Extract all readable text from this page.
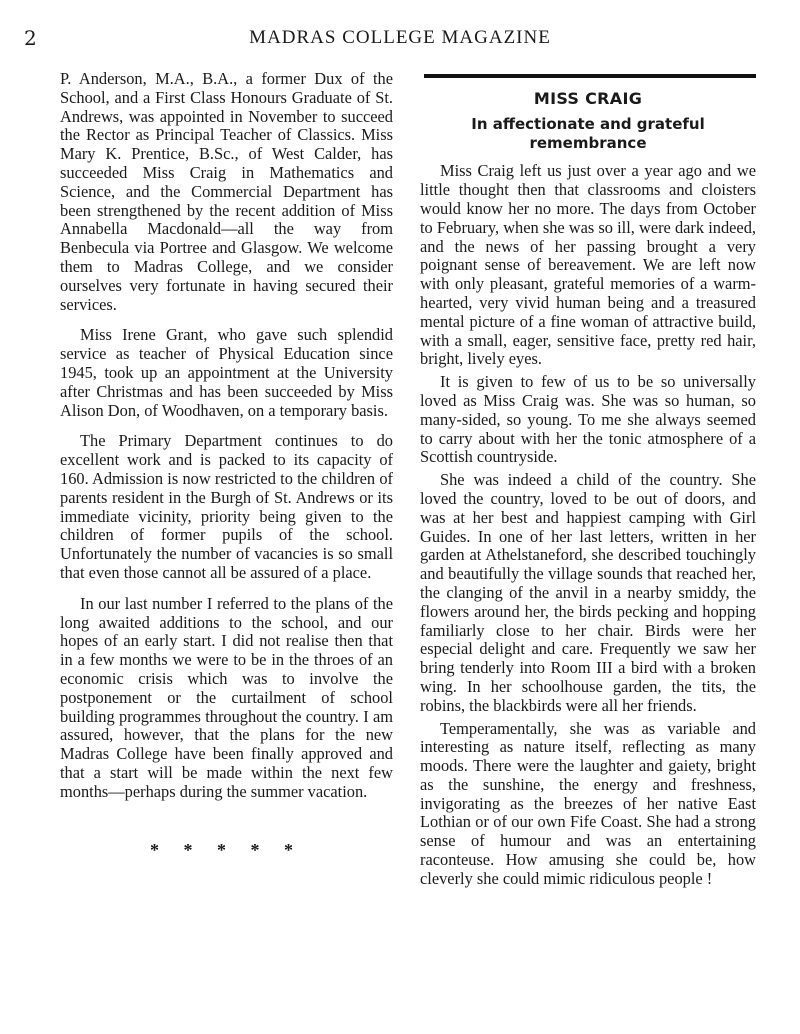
2	MADRAS COLLEGE MAGAZINE

P. Anderson, M.A., B.A., a former Dux of the School, and a First Class Honours Graduate of St. Andrews, was appointed in November to succeed the Rector as Principal Teacher of Classics. Miss Mary K. Prentice, B.Sc., of West Calder, has succeeded Miss Craig in Mathematics and Science, and the Commercial Department has been strengthened by the recent addition of Miss Annabella Macdonald—all the way from Benbecula via Portree and Glasgow. We welcome them to Madras College, and we consider ourselves very fortunate in having secured their services.

Miss Irene Grant, who gave such splendid service as teacher of Physical Education since 1945, took up an appointment at the University after Christmas and has been succeeded by Miss Alison Don, of Woodhaven, on a temporary basis.

The Primary Department continues to do excellent work and is packed to its capacity of 160. Admission is now restricted to the children of parents resident in the Burgh of St. Andrews or its immediate vicinity, priority being given to the children of former pupils of the school. Unfortunately the number of vacancies is so small that even those cannot all be assured of a place.

In our last number I referred to the plans of the long awaited additions to the school, and our hopes of an early start. I did not realise then that in a few months we were to be in the throes of an economic crisis which was to involve the postponement or the curtailment of school building programmes throughout the country. I am assured, however, that the plans for the new Madras College have been finally approved and that a start will be made within the next few months—perhaps during the summer vacation.

* * * * *
MISS CRAIG
In affectionate and grateful remembrance

Miss Craig left us just over a year ago and we little thought then that classrooms and cloisters would know her no more. The days from October to February, when she was so ill, were dark indeed, and the news of her passing brought a very poignant sense of bereavement. We are left now with only pleasant, grateful memories of a warm-hearted, very vivid human being and a treasured mental picture of a fine woman of attractive build, with a small, eager, sensitive face, pretty red hair, bright, lively eyes.

It is given to few of us to be so universally loved as Miss Craig was. She was so human, so many-sided, so young. To me she always seemed to carry about with her the tonic atmosphere of a Scottish countryside.

She was indeed a child of the country. She loved the country, loved to be out of doors, and was at her best and happiest camping with Girl Guides. In one of her last letters, written in her garden at Athelstaneford, she described touchingly and beautifully the village sounds that reached her, the clanging of the anvil in a nearby smiddy, the flowers around her, the birds pecking and hopping familiarly close to her chair. Birds were her especial delight and care. Frequently we saw her bring tenderly into Room III a bird with a broken wing. In her schoolhouse garden, the tits, the robins, the blackbirds were all her friends.

Temperamentally, she was as variable and interesting as nature itself, reflecting as many moods. There were the laughter and gaiety, bright as the sunshine, the energy and freshness, invigorating as the breezes of her native East Lothian or of our own Fife Coast. She had a strong sense of humour and was an entertaining raconteuse. How amusing she could be, how cleverly she could mimic ridiculous people !
